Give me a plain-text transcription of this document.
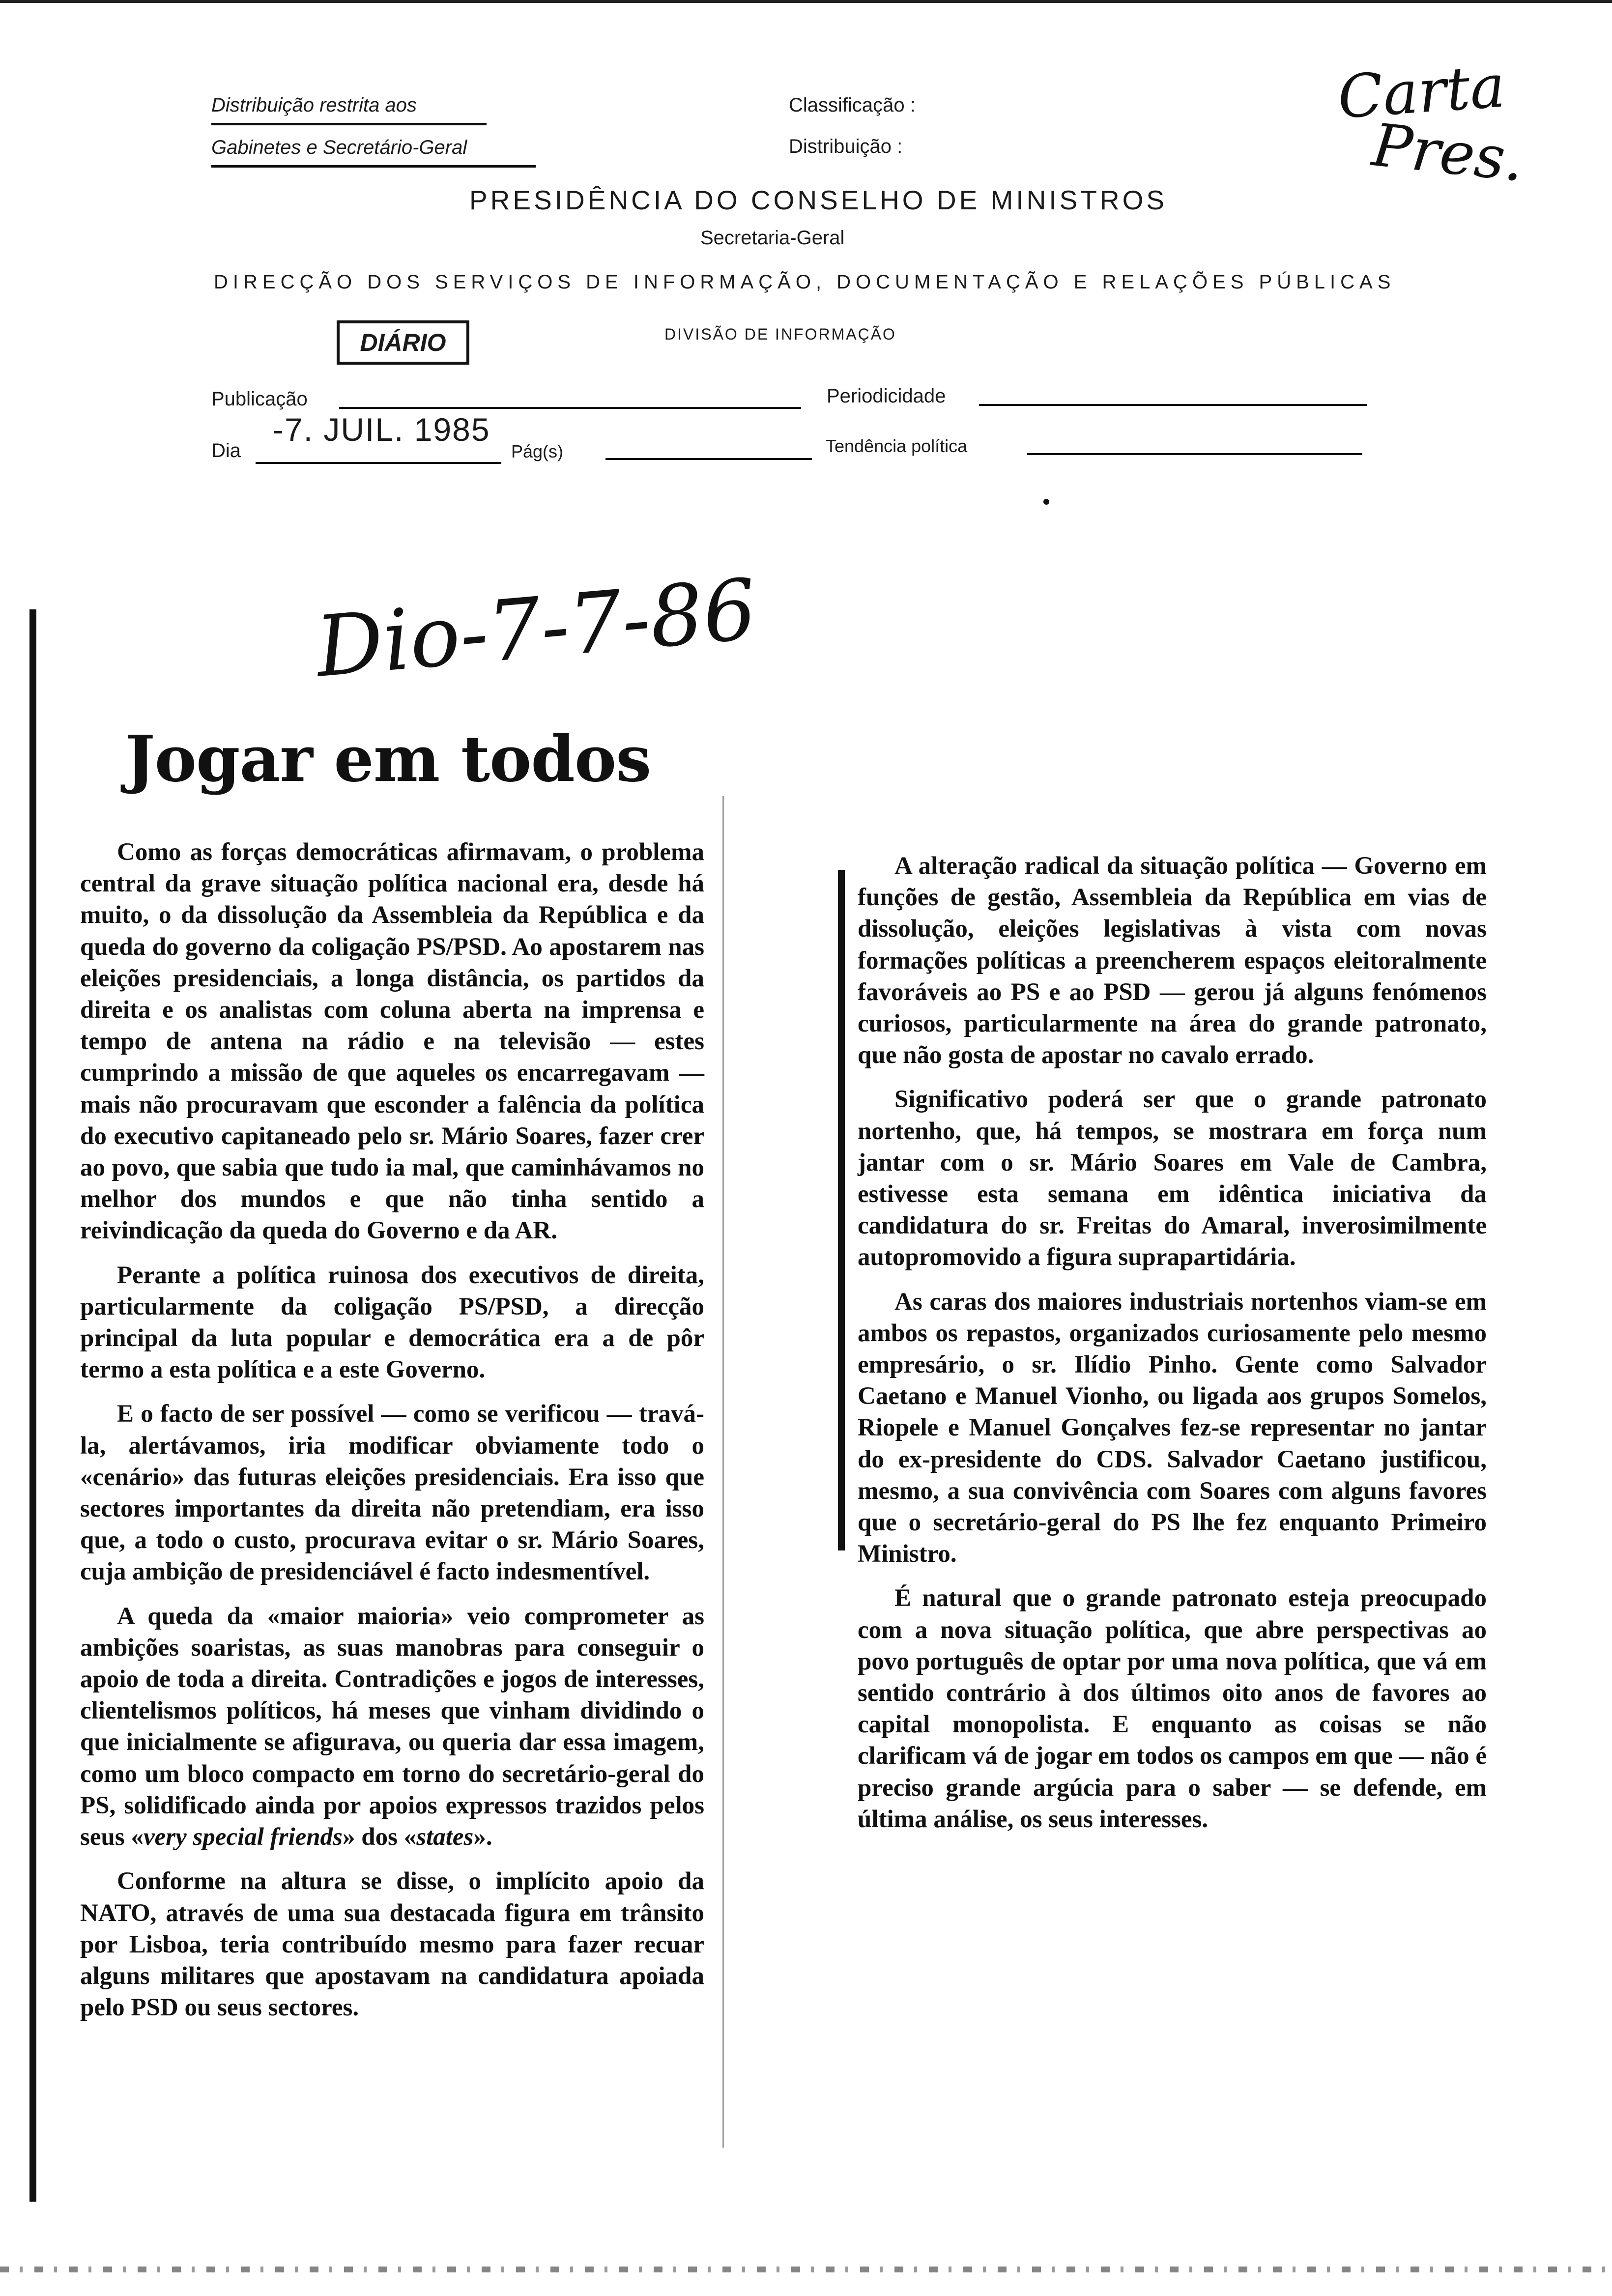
Distribuição restrita aos
Gabinetes e Secretário-Geral
Classificação :
Distribuição :
PRESIDÊNCIA DO CONSELHO DE MINISTROS
Secretaria-Geral
DIRECÇÃO DOS SERVIÇOS DE INFORMAÇÃO, DOCUMENTAÇÃO E RELAÇÕES PÚBLICAS
DIÁRIO	DIVISÃO DE INFORMAÇÃO
Publicação	Periodicidade
Dia
-7. JUIL. 1985
Pág(s)	Tendência política
Carta
Pres.
Dio-7-7-86
Jogar em todos

Como as forças democráticas afirmavam, o problema central da grave situação política nacional era, desde há muito, o da dissolução da Assembleia da República e da queda do governo da coligação PS/PSD. Ao apostarem nas eleições presidenciais, a longa distância, os partidos da direita e os analistas com coluna aberta na imprensa e tempo de antena na rádio e na televisão — estes cumprindo a missão de que aqueles os encarregavam — mais não procuravam que esconder a falência da política do executivo capitaneado pelo sr. Mário Soares, fazer crer ao povo, que sabia que tudo ia mal, que caminhávamos no melhor dos mundos e que não tinha sentido a reivindicação da queda do Governo e da AR.

Perante a política ruinosa dos executivos de direita, particularmente da coligação PS/PSD, a direcção principal da luta popular e democrática era a de pôr termo a esta política e a este Governo.

E o facto de ser possível — como se verificou — travá-la, alertávamos, iria modificar obviamente todo o «cenário» das futuras eleições presidenciais. Era isso que sectores importantes da direita não pretendiam, era isso que, a todo o custo, procurava evitar o sr. Mário Soares, cuja ambição de presidenciável é facto indesmentível.

A queda da «maior maioria» veio comprometer as ambições soaristas, as suas manobras para conseguir o apoio de toda a direita. Contradições e jogos de interesses, clientelismos políticos, há meses que vinham dividindo o que inicialmente se afigurava, ou queria dar essa imagem, como um bloco compacto em torno do secretário-geral do PS, solidificado ainda por apoios expressos trazidos pelos seus «very special friends» dos «states».

Conforme na altura se disse, o implícito apoio da NATO, através de uma sua destacada figura em trânsito por Lisboa, teria contribuído mesmo para fazer recuar alguns militares que apostavam na candidatura apoiada pelo PSD ou seus sectores.

A alteração radical da situação política — Governo em funções de gestão, Assembleia da República em vias de dissolução, eleições legislativas à vista com novas formações políticas a preencherem espaços eleitoralmente favoráveis ao PS e ao PSD — gerou já alguns fenómenos curiosos, particularmente na área do grande patronato, que não gosta de apostar no cavalo errado.

Significativo poderá ser que o grande patronato nortenho, que, há tempos, se mostrara em força num jantar com o sr. Mário Soares em Vale de Cambra, estivesse esta semana em idêntica iniciativa da candidatura do sr. Freitas do Amaral, inverosimilmente autopromovido a figura suprapartidária.

As caras dos maiores industriais nortenhos viam-se em ambos os repastos, organizados curiosamente pelo mesmo empresário, o sr. Ilídio Pinho. Gente como Salvador Caetano e Manuel Vionho, ou ligada aos grupos Somelos, Riopele e Manuel Gonçalves fez-se representar no jantar do ex-presidente do CDS. Salvador Caetano justificou, mesmo, a sua convivência com Soares com alguns favores que o secretário-geral do PS lhe fez enquanto Primeiro Ministro.

É natural que o grande patronato esteja preocupado com a nova situação política, que abre perspectivas ao povo português de optar por uma nova política, que vá em sentido contrário à dos últimos oito anos de favores ao capital monopolista. E enquanto as coisas se não clarificam vá de jogar em todos os campos em que — não é preciso grande argúcia para o saber — se defende, em última análise, os seus interesses.
